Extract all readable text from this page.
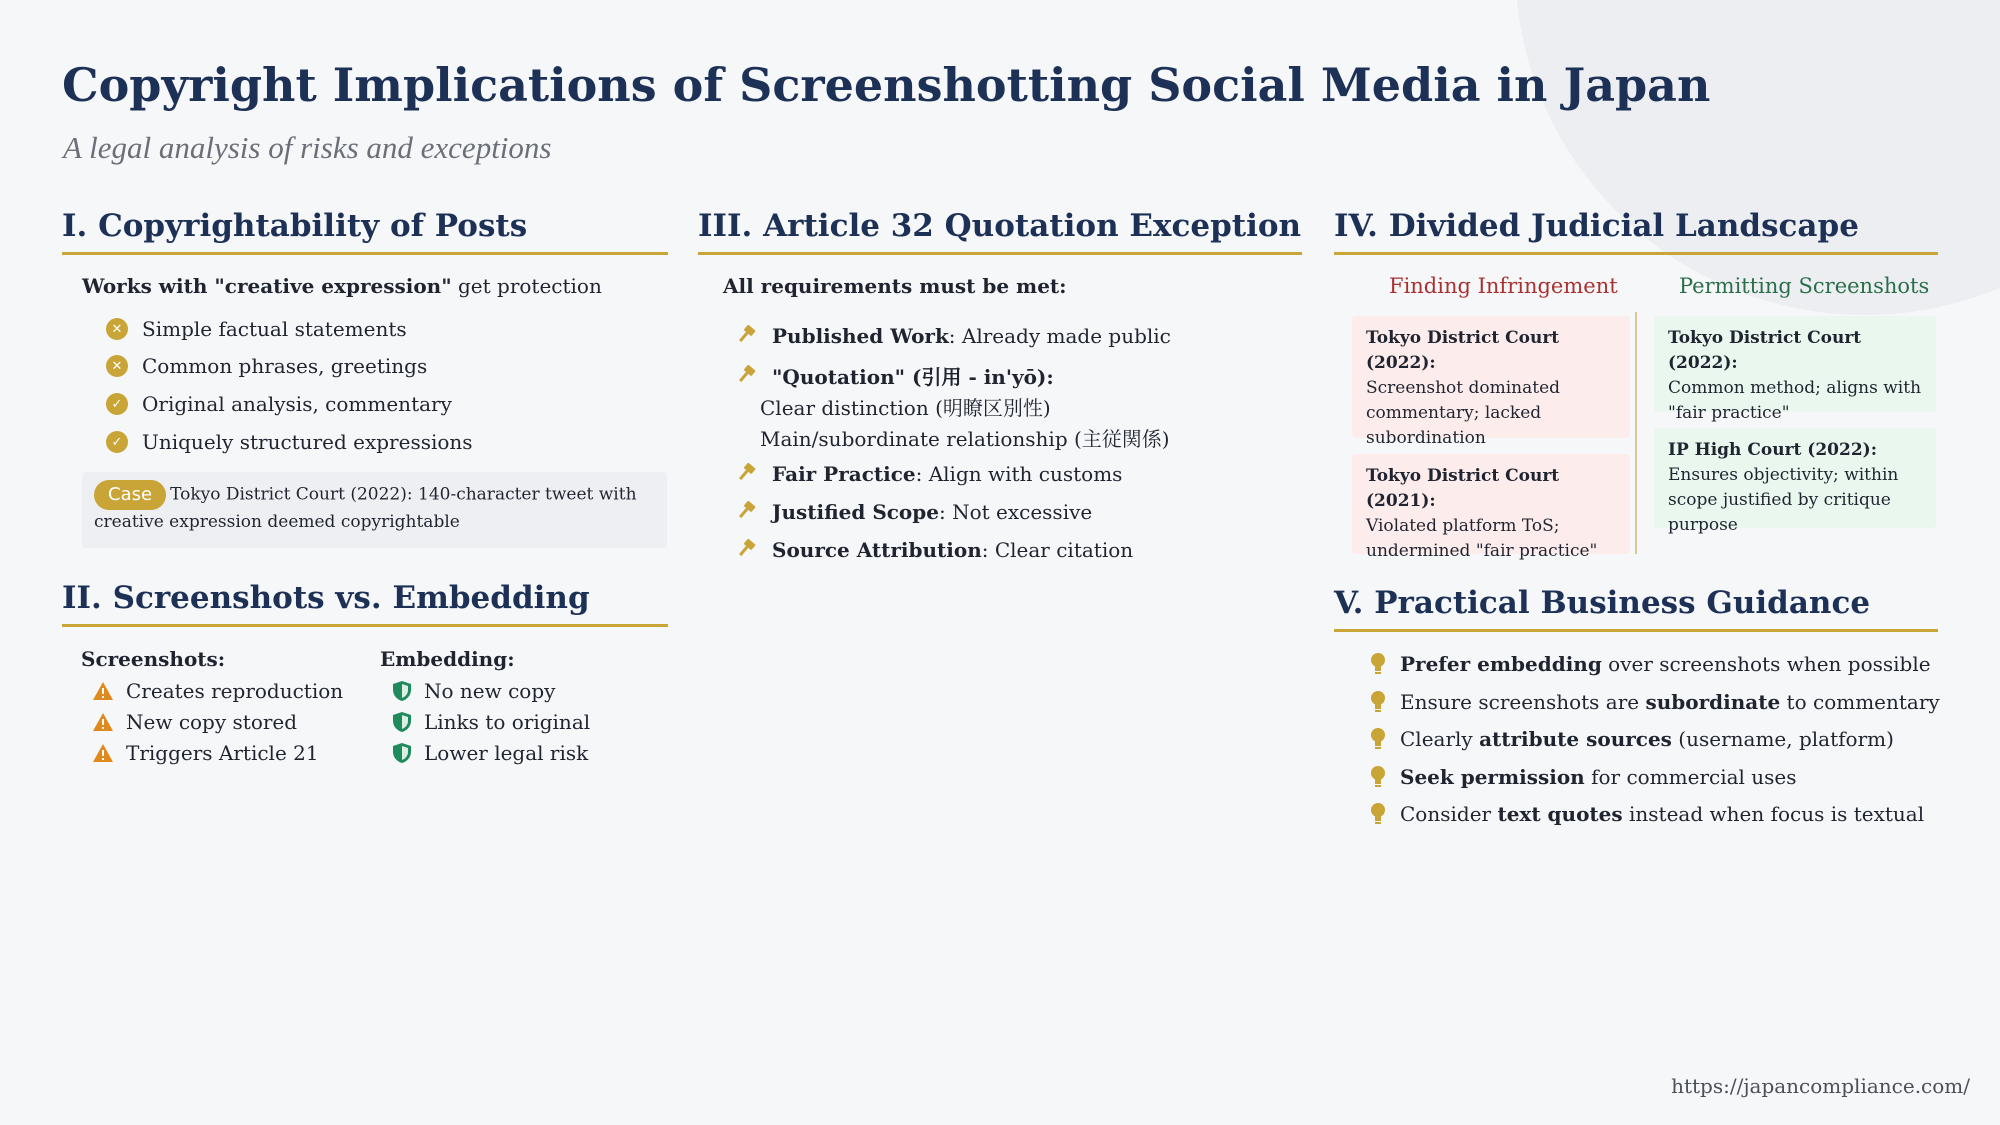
Copyright Implications of Screenshotting Social Media in Japan
A legal analysis of risks and exceptions
I. Copyrightability of Posts
Works with "creative expression" get protection
✕ Simple factual statements
✕ Common phrases, greetings
✓ Original analysis, commentary
✓ Uniquely structured expressions
Case Tokyo District Court (2022): 140-character tweet with creative expression deemed copyrightable
II. Screenshots vs. Embedding
Screenshots:	Embedding:
Creates reproduction
New copy stored
Triggers Article 21
No new copy
Links to original
Lower legal risk
III. Article 32 Quotation Exception
All requirements must be met:
Published Work: Already made public
"Quotation" (引用 - in'yō):
Clear distinction (明瞭区別性)
Main/subordinate relationship (主従関係)
Fair Practice: Align with customs
Justified Scope: Not excessive
Source Attribution: Clear citation
IV. Divided Judicial Landscape
Finding Infringement	Permitting Screenshots
Tokyo District Court (2022):
Screenshot dominated commentary; lacked subordination
Tokyo District Court (2021):
Violated platform ToS; undermined "fair practice"
Tokyo District Court (2022):
Common method; aligns with "fair practice"
IP High Court (2022): Ensures objectivity; within scope justified by critique purpose
V. Practical Business Guidance
Prefer embedding over screenshots when possible
Ensure screenshots are subordinate to commentary
Clearly attribute sources (username, platform)
Seek permission for commercial uses
Consider text quotes instead when focus is textual
https://japancompliance.com/
